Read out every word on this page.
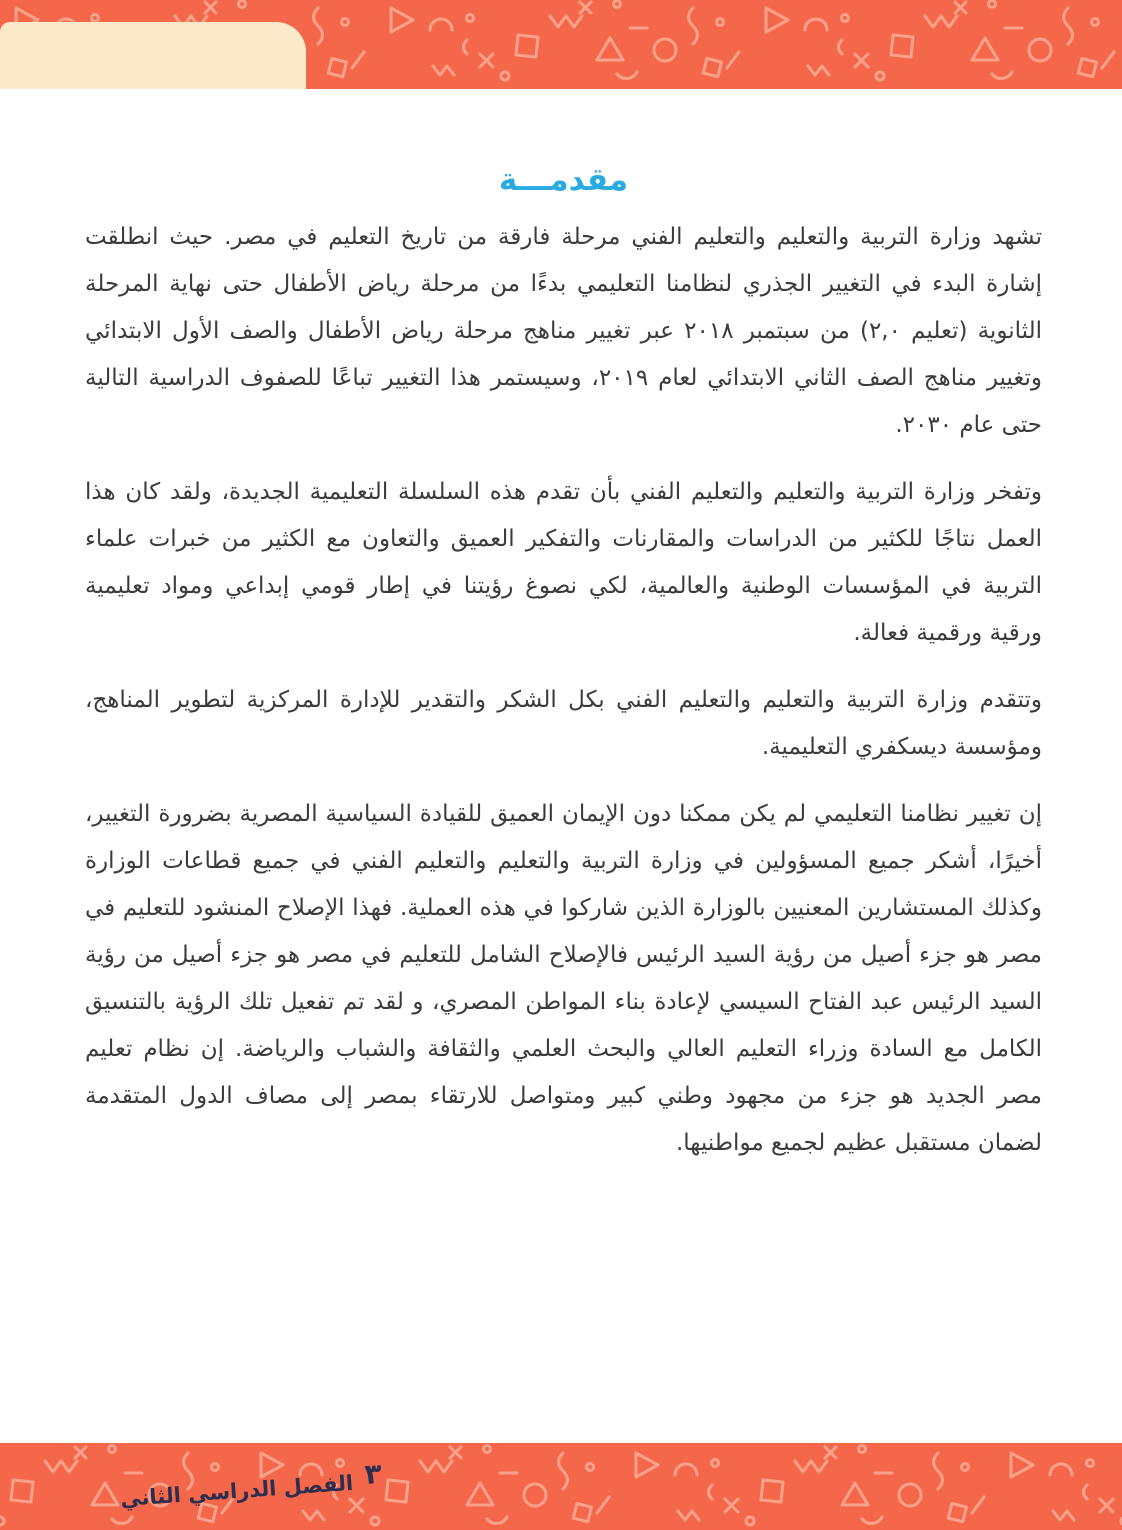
مقدمـــة

تشهد وزارة التربية والتعليم والتعليم الفني مرحلة فارقة من تاريخ التعليم في مصر. حيث انطلقت إشارة البدء في التغيير الجذري لنظامنا التعليمي بدءًا من مرحلة رياض الأطفال حتى نهاية المرحلة الثانوية (تعليم ٢,٠) من سبتمبر ٢٠١٨ عبر تغيير مناهج مرحلة رياض الأطفال والصف الأول الابتدائي وتغيير مناهج الصف الثاني الابتدائي لعام ٢٠١٩، وسيستمر هذا التغيير تباعًا للصفوف الدراسية التالية حتى عام ٢٠٣٠.

وتفخر وزارة التربية والتعليم والتعليم الفني بأن تقدم هذه السلسلة التعليمية الجديدة، ولقد كان هذا العمل نتاجًا للكثير من الدراسات والمقارنات والتفكير العميق والتعاون مع الكثير من خبرات علماء التربية في المؤسسات الوطنية والعالمية، لكي نصوغ رؤيتنا في إطار قومي إبداعي ومواد تعليمية ورقية ورقمية فعالة.

وتتقدم وزارة التربية والتعليم والتعليم الفني بكل الشكر والتقدير للإدارة المركزية لتطوير المناهج، ومؤسسة ديسكفري التعليمية.

إن تغيير نظامنا التعليمي لم يكن ممكنا دون الإيمان العميق للقيادة السياسية المصرية بضرورة التغيير، أخيرًا، أشكر جميع المسؤولين في وزارة التربية والتعليم والتعليم الفني في جميع قطاعات الوزارة وكذلك المستشارين المعنيين بالوزارة الذين شاركوا في هذه العملية. فهذا الإصلاح المنشود للتعليم في مصر هو جزء أصيل من رؤية السيد الرئيس فالإصلاح الشامل للتعليم في مصر هو جزء أصيل من رؤية السيد الرئيس عبد الفتاح السيسي لإعادة بناء المواطن المصري، و لقد تم تفعيل تلك الرؤية بالتنسيق الكامل مع السادة وزراء التعليم العالي والبحث العلمي والثقافة والشباب والرياضة. إن نظام تعليم مصر الجديد هو جزء من مجهود وطني كبير ومتواصل للارتقاء بمصر إلى مصاف الدول المتقدمة لضمان مستقبل عظيم لجميع مواطنيها.

الفصل الدراسي الثاني ٣
